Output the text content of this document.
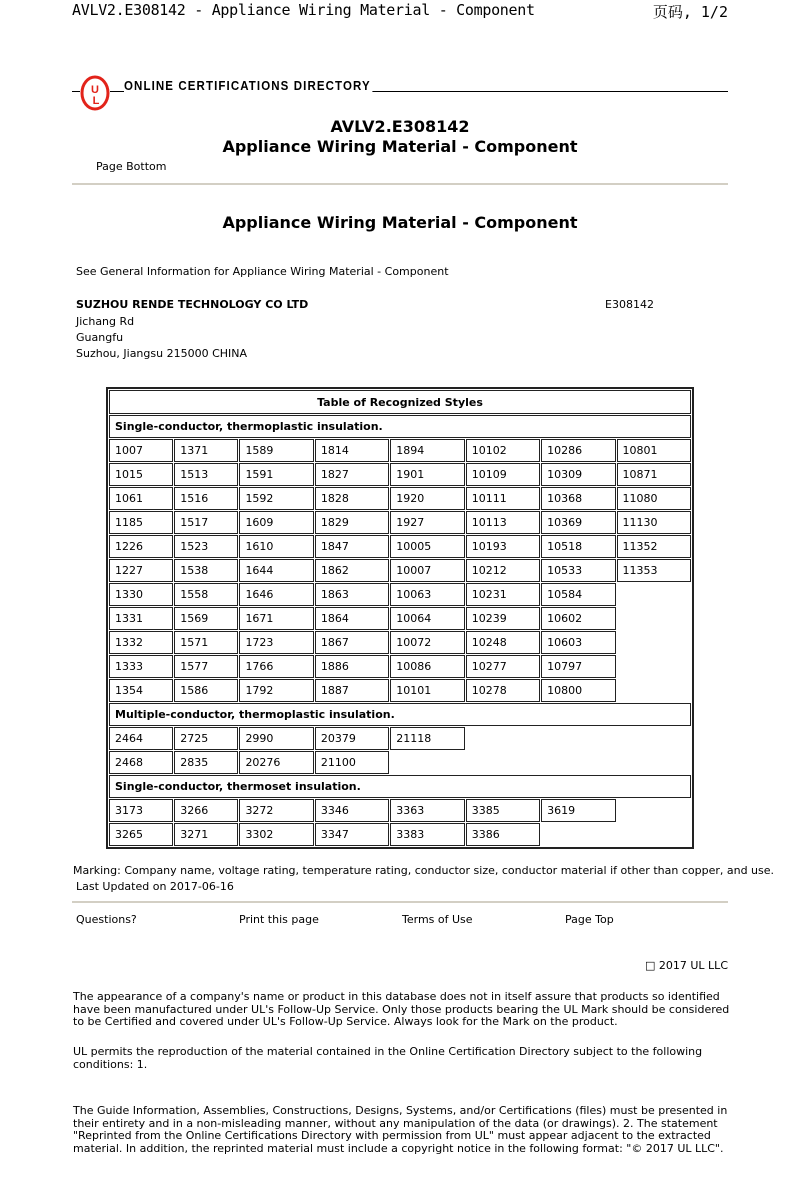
AVLV2.E308142 - Appliance Wiring Material - Component	页码, 1/2
U
L
ONLINE CERTIFICATIONS DIRECTORY
AVLV2.E308142
Appliance Wiring Material - Component
Page Bottom
Appliance Wiring Material - Component
See General Information for Appliance Wiring Material - Component
SUZHOU RENDE TECHNOLOGY CO LTD	E308142
Jichang Rd
Guangfu
Suzhou, Jiangsu 215000 CHINA
Table of Recognized Styles							
Single-conductor, thermoplastic insulation.							
1007	1371	1589	1814	1894	10102	10286	10801
1015	1513	1591	1827	1901	10109	10309	10871
1061	1516	1592	1828	1920	10111	10368	11080
1185	1517	1609	1829	1927	10113	10369	11130
1226	1523	1610	1847	10005	10193	10518	11352
1227	1538	1644	1862	10007	10212	10533	11353
1330	1558	1646	1863	10063	10231	10584	
1331	1569	1671	1864	10064	10239	10602	
1332	1571	1723	1867	10072	10248	10603	
1333	1577	1766	1886	10086	10277	10797	
1354	1586	1792	1887	10101	10278	10800	
Multiple-conductor, thermoplastic insulation.							
2464	2725	2990	20379	21118			
2468	2835	20276	21100				
Single-conductor, thermoset insulation.							
3173	3266	3272	3346	3363	3385	3619	
3265	3271	3302	3347	3383	3386		
Marking: Company name, voltage rating, temperature rating, conductor size, conductor material if other than copper, and use.
Last Updated on 2017-06-16
Questions?	Print this page	Terms of Use	Page Top
□ 2017 UL LLC
The appearance of a company's name or product in this database does not in itself assure that products so identified have been manufactured under UL's Follow-Up Service. Only those products bearing the UL Mark should be considered to be Certified and covered under UL's Follow-Up Service. Always look for the Mark on the product.
UL permits the reproduction of the material contained in the Online Certification Directory subject to the following conditions: 1.
The Guide Information, Assemblies, Constructions, Designs, Systems, and/or Certifications (files) must be presented in their entirety and in a non-misleading manner, without any manipulation of the data (or drawings). 2. The statement "Reprinted from the Online Certifications Directory with permission from UL" must appear adjacent to the extracted material. In addition, the reprinted material must include a copyright notice in the following format: "© 2017 UL LLC".
